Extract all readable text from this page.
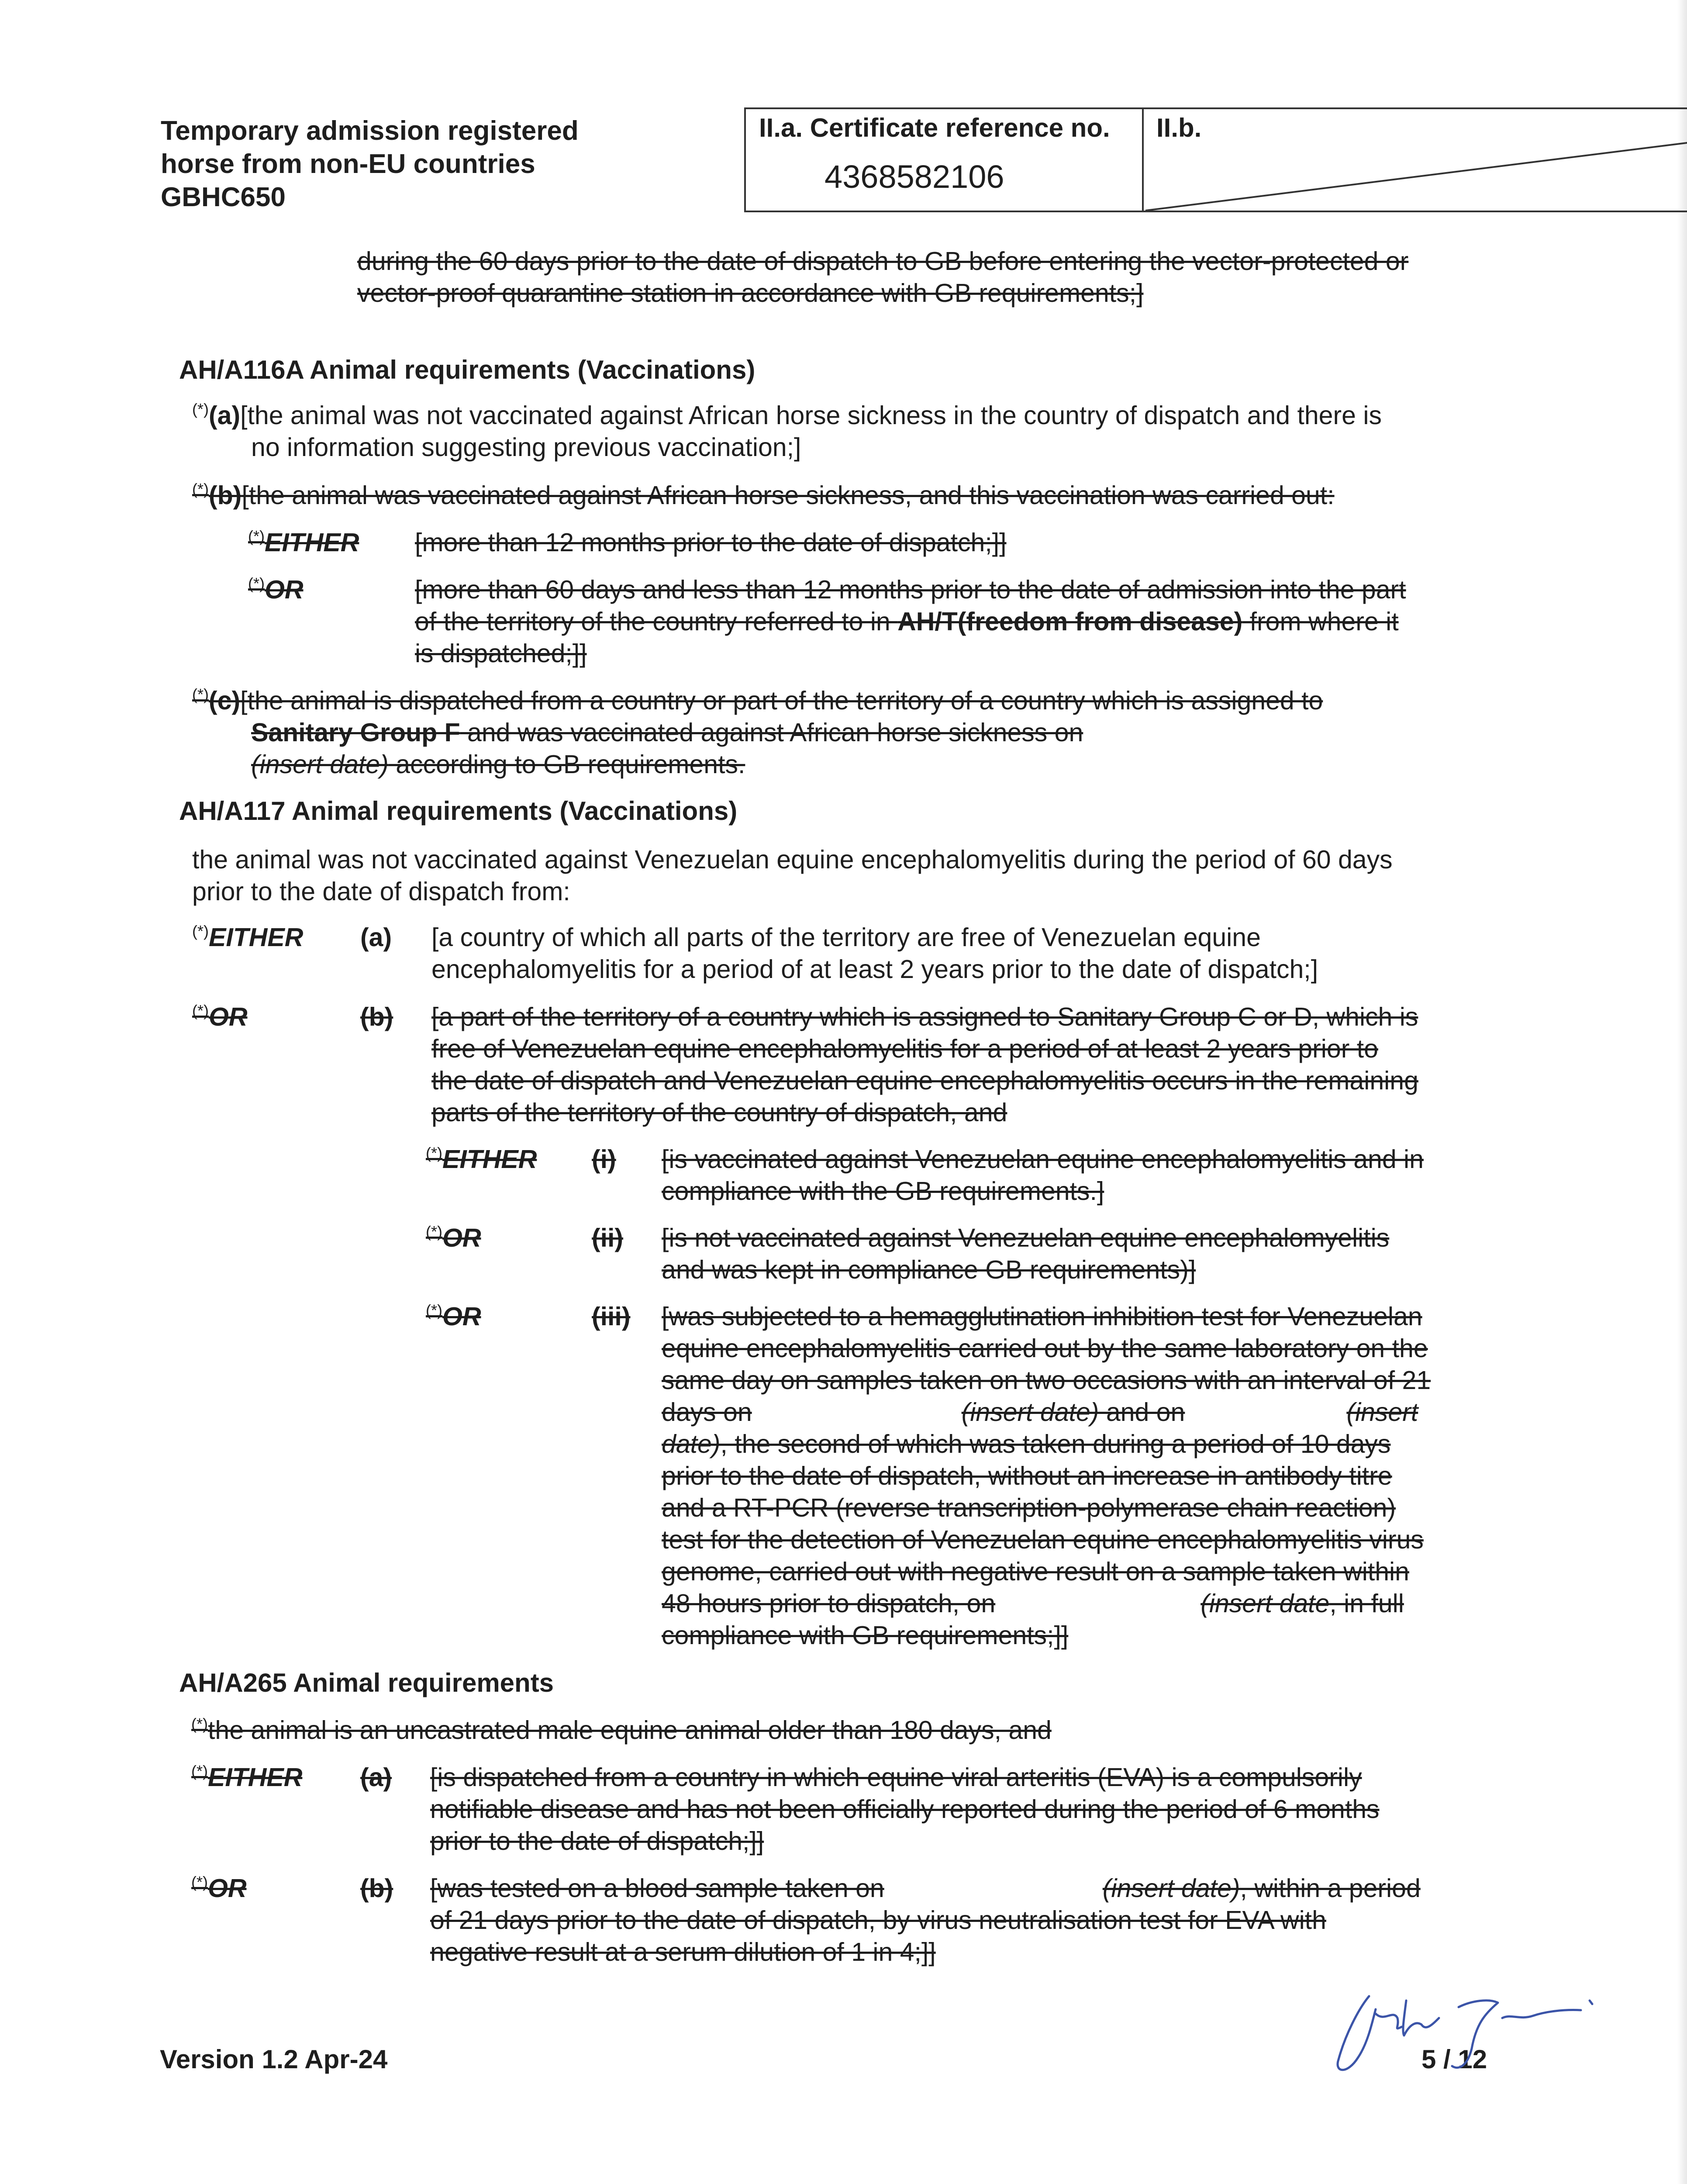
Temporary admission registered
horse from non-EU countries
GBHC650
II.a. Certificate reference no.
4368582106
II.b.
during the 60 days prior to the date of dispatch to GB before entering the vector-protected or
vector-proof quarantine station in accordance with GB requirements;]
AH/A116A Animal requirements (Vaccinations)
(*)(a)[the animal was not vaccinated against African horse sickness in the country of dispatch and there is
no information suggesting previous vaccination;]
(*)(b)[the animal was vaccinated against African horse sickness, and this vaccination was carried out:
(*)EITHER [more than 12 months prior to the date of dispatch;]]
(*)OR	[more than 60 days and less than 12 months prior to the date of admission into the part
of the territory of the country referred to in AH/T(freedom from disease) from where it
is dispatched;]]
(*)(c)[the animal is dispatched from a country or part of the territory of a country which is assigned to
Sanitary Group F and was vaccinated against African horse sickness on
(insert date) according to GB requirements.
AH/A117 Animal requirements (Vaccinations)
the animal was not vaccinated against Venezuelan equine encephalomyelitis during the period of 60 days
prior to the date of dispatch from:
(*)EITHER (a) [a country of which all parts of the territory are free of Venezuelan equine
encephalomyelitis for a period of at least 2 years prior to the date of dispatch;]
(*)OR	(b) [a part of the territory of a country which is assigned to Sanitary Group C or D, which is
free of Venezuelan equine encephalomyelitis for a period of at least 2 years prior to
the date of dispatch and Venezuelan equine encephalomyelitis occurs in the remaining
parts of the territory of the country of dispatch, and
(*)EITHER (i) [is vaccinated against Venezuelan equine encephalomyelitis and in
compliance with the GB requirements.]
(*)OR	(ii) [is not vaccinated against Venezuelan equine encephalomyelitis
and was kept in compliance GB requirements)]
(*)OR	(iii) [was subjected to a hemagglutination inhibition test for Venezuelan
equine encephalomyelitis carried out by the same laboratory on the
same day on samples taken on two occasions with an interval of 21
days on	(insert date) and on	(insert
date), the second of which was taken during a period of 10 days
prior to the date of dispatch, without an increase in antibody titre
and a RT-PCR (reverse transcription-polymerase chain reaction)
test for the detection of Venezuelan equine encephalomyelitis virus
genome, carried out with negative result on a sample taken within
48 hours prior to dispatch, on	(insert date, in full
compliance with GB requirements;]]
AH/A265 Animal requirements
(*)the animal is an uncastrated male equine animal older than 180 days, and
(*)EITHER (a) [is dispatched from a country in which equine viral arteritis (EVA) is a compulsorily
notifiable disease and has not been officially reported during the period of 6 months
prior to the date of dispatch;]]
(*)OR	(b) [was tested on a blood sample taken on	(insert date), within a period
of 21 days prior to the date of dispatch, by virus neutralisation test for EVA with
negative result at a serum dilution of 1 in 4;]]
Version 1.2 Apr-24	5 / 12
